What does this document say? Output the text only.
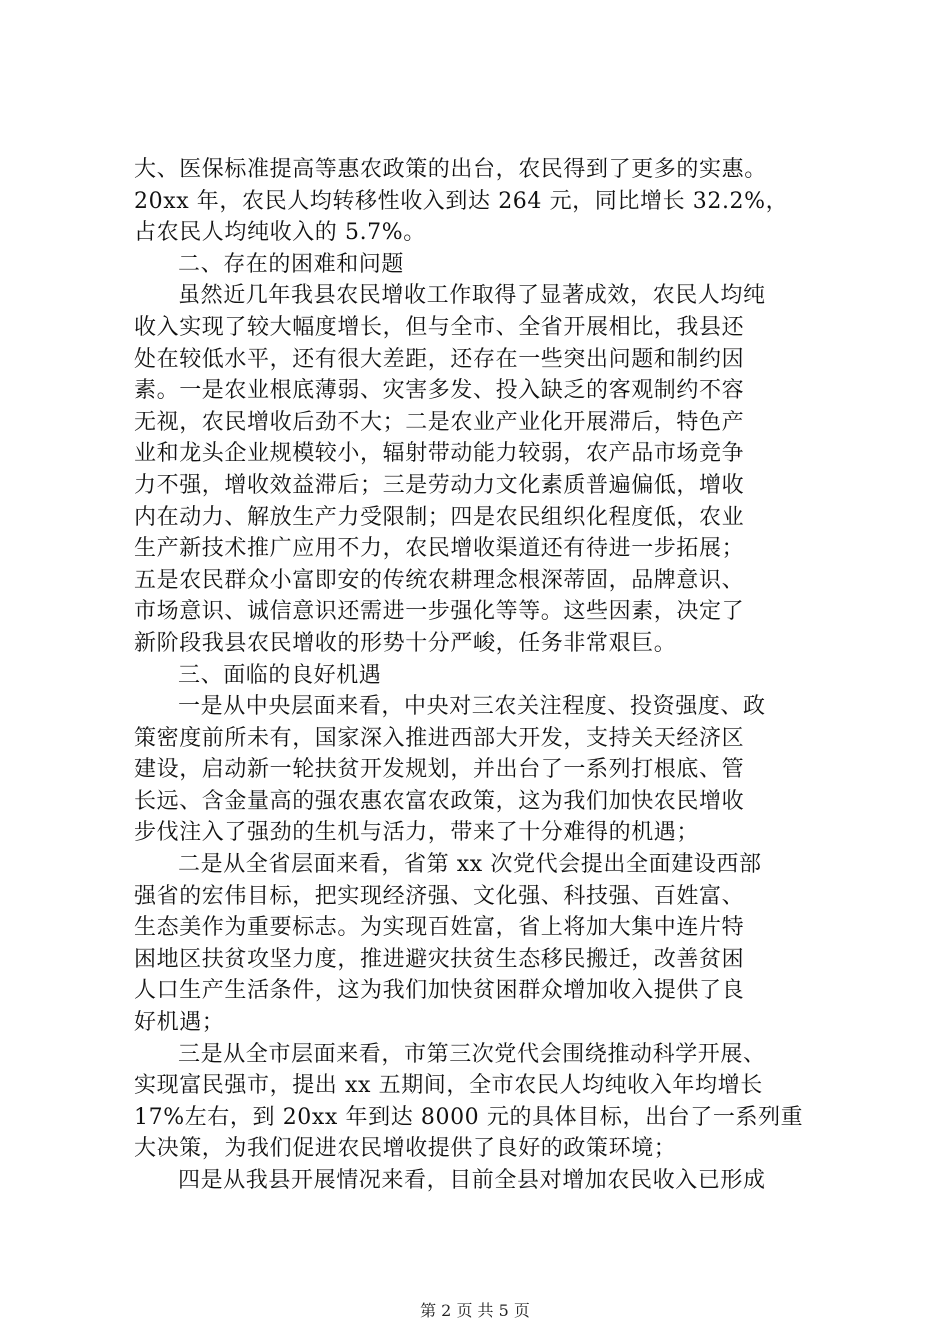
大、医保标准提高等惠农政策的出台，农民得到了更多的实惠。
20xx 年，农民人均转移性收入到达 264 元，同比增长 32.2%，
占农民人均纯收入的 5.7%。
二、存在的困难和问题
虽然近几年我县农民增收工作取得了显著成效，农民人均纯
收入实现了较大幅度增长，但与全市、全省开展相比，我县还
处在较低水平，还有很大差距，还存在一些突出问题和制约因
素。一是农业根底薄弱、灾害多发、投入缺乏的客观制约不容
无视，农民增收后劲不大；二是农业产业化开展滞后，特色产
业和龙头企业规模较小，辐射带动能力较弱，农产品市场竞争
力不强，增收效益滞后；三是劳动力文化素质普遍偏低，增收
内在动力、解放生产力受限制；四是农民组织化程度低，农业
生产新技术推广应用不力，农民增收渠道还有待进一步拓展；
五是农民群众小富即安的传统农耕理念根深蒂固，品牌意识、
市场意识、诚信意识还需进一步强化等等。这些因素，决定了
新阶段我县农民增收的形势十分严峻，任务非常艰巨。
三、面临的良好机遇
一是从中央层面来看，中央对三农关注程度、投资强度、政
策密度前所未有，国家深入推进西部大开发，支持关天经济区
建设，启动新一轮扶贫开发规划，并出台了一系列打根底、管
长远、含金量高的强农惠农富农政策，这为我们加快农民增收
步伐注入了强劲的生机与活力，带来了十分难得的机遇；
二是从全省层面来看，省第 xx 次党代会提出全面建设西部
强省的宏伟目标，把实现经济强、文化强、科技强、百姓富、
生态美作为重要标志。为实现百姓富，省上将加大集中连片特
困地区扶贫攻坚力度，推进避灾扶贫生态移民搬迁，改善贫困
人口生产生活条件，这为我们加快贫困群众增加收入提供了良
好机遇；
三是从全市层面来看，市第三次党代会围绕推动科学开展、
实现富民强市，提出 xx 五期间，全市农民人均纯收入年均增长
17%左右，到 20xx 年到达 8000 元的具体目标，出台了一系列重
大决策，为我们促进农民增收提供了良好的政策环境；
四是从我县开展情况来看，目前全县对增加农民收入已形成
第 2 页 共 5 页
